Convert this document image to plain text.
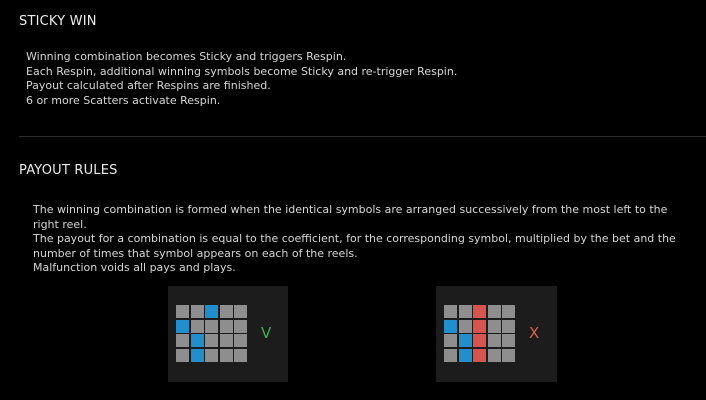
STICKY WIN
Winning combination becomes Sticky and triggers Respin.
Each Respin, additional winning symbols become Sticky and re-trigger Respin.
Payout calculated after Respins are finished.
6 or more Scatters activate Respin.
PAYOUT RULES
The winning combination is formed when the identical symbols are arranged successively from the most left to the right reel.
The payout for a combination is equal to the coefficient, for the corresponding symbol, multiplied by the bet and the number of times that symbol appears on each of the reels.
Malfunction voids all pays and plays.
V	X
